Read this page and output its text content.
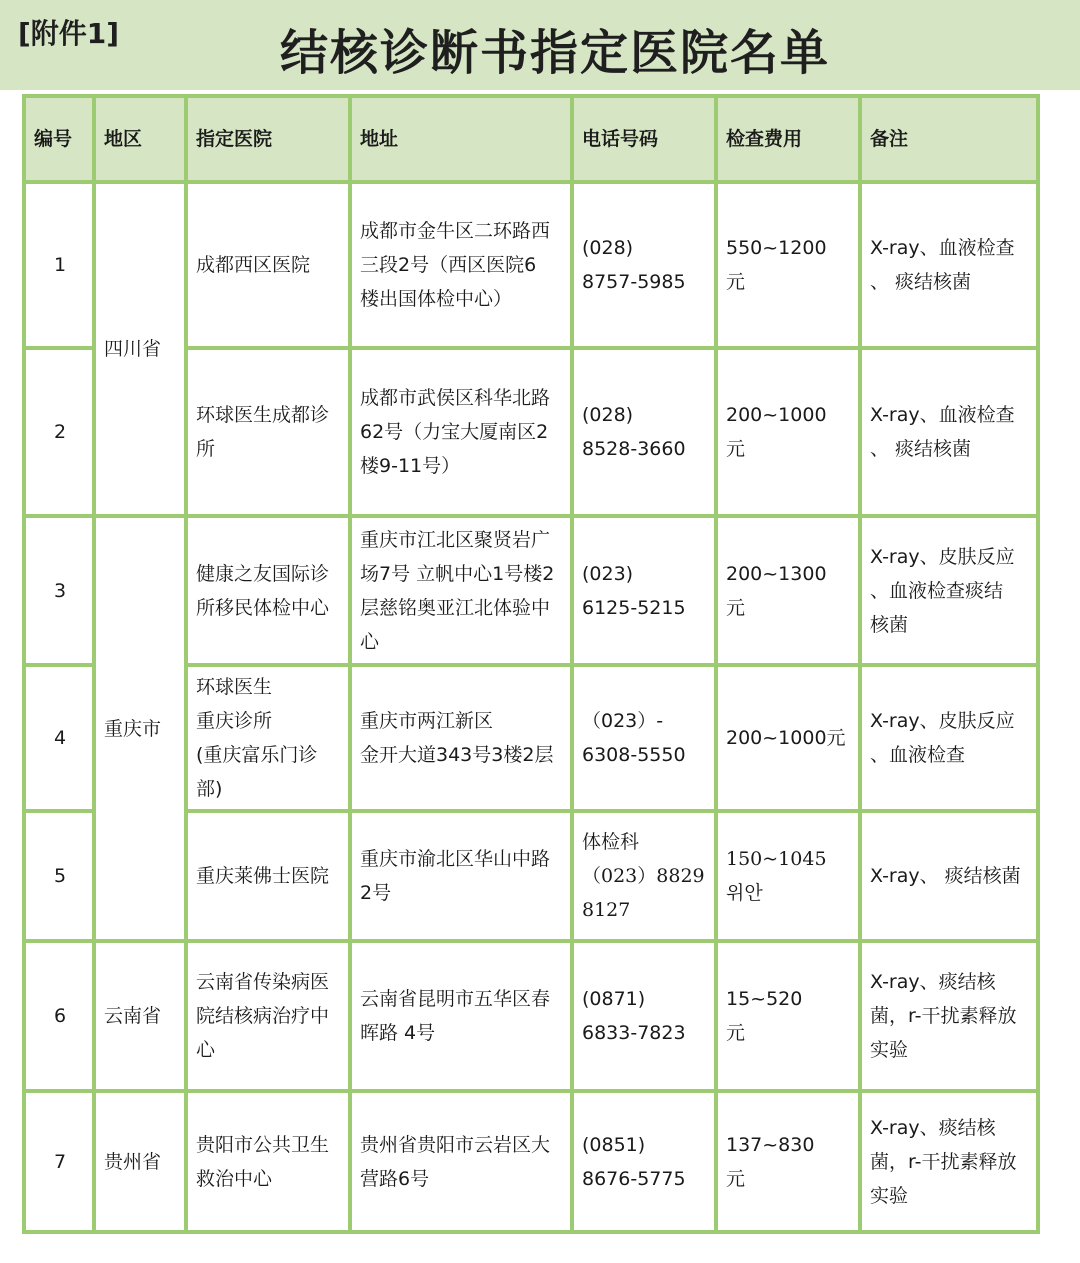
[附件1]	结核诊断书指定医院名单
编号	地区	指定医院	地址	电话号码	检查费用	备注
1	四川省	成都西区医院	成都市金牛区二环路西
三段2号（西区医院6
楼出国体检中心）	(028)
8757-5985	550~1200
元	X-ray、血液检查
、 痰结核菌
2		环球医生成都诊
所	成都市武侯区科华北路
62号（力宝大厦南区2
楼9-11号）	(028)
8528-3660	200~1000
元	X-ray、血液检查
、 痰结核菌
3	重庆市	健康之友国际诊
所移民体检中心	重庆市江北区聚贤岩广
场7号 立帆中心1号楼2
层慈铭奥亚江北体验中
心	(023)
6125-5215	200~1300
元	X-ray、皮肤反应
、血液检查痰结
核菌
4		环球医生
重庆诊所
(重庆富乐门诊
部)	重庆市两江新区
金开大道343号3楼2层	（023）-
6308-5550	200~1000元	X-ray、皮肤反应
、血液检查
5		重庆莱佛士医院	重庆市渝北区华山中路
2号	体检科
（023）8829
8127	150~1045
위안	X-ray、 痰结核菌
6	云南省	云南省传染病医
院结核病治疗中
心	云南省昆明市五华区春
晖路 4号	(0871)
6833-7823	15~520
元	X-ray、痰结核
菌，r-干扰素释放
实验
7	贵州省	贵阳市公共卫生
救治中心	贵州省贵阳市云岩区大
营路6号	(0851)
8676-5775	137~830
元	X-ray、痰结核
菌，r-干扰素释放
实验
